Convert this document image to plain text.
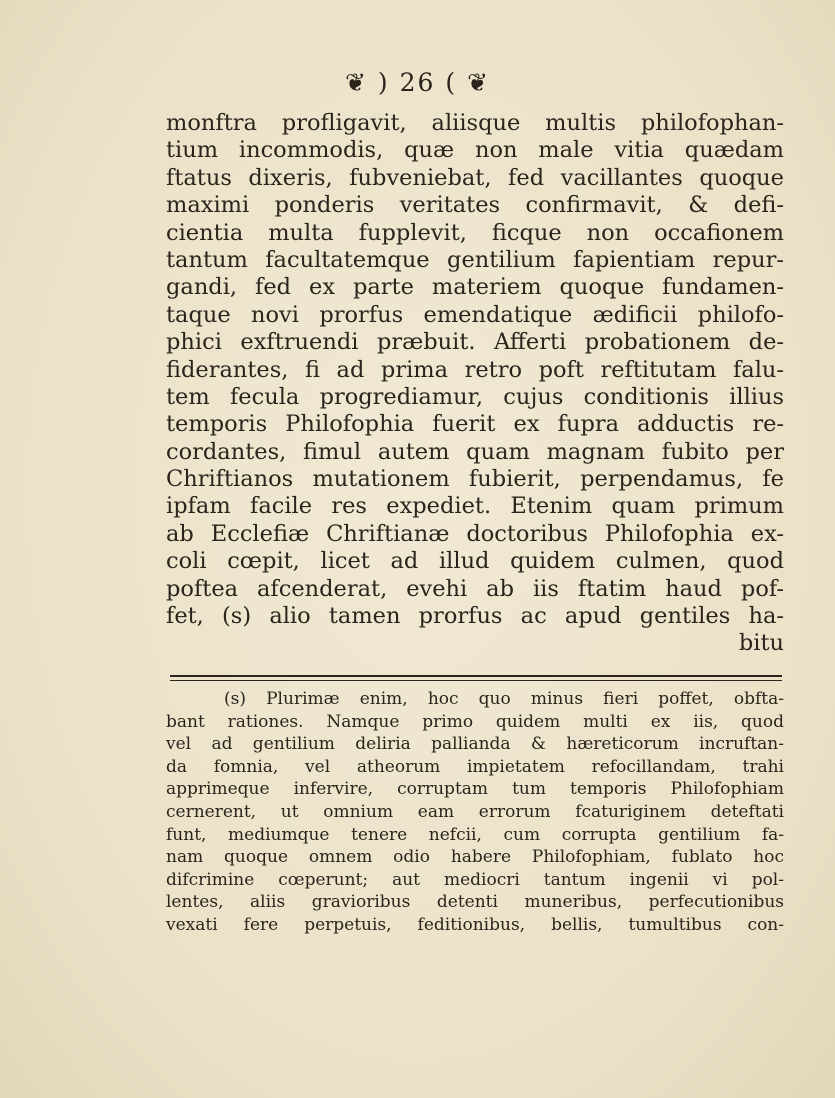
❦ ) 26 ( ❦
monftra profligavit, aliisque multis philofophan-
tium incommodis, quæ non male vitia quædam
ftatus dixeris, fubveniebat, fed vacillantes quoque
maximi ponderis veritates confirmavit, & defi-
cientia multa fupplevit, ficque non occafionem
tantum facultatemque gentilium fapientiam repur-
gandi, fed ex parte materiem quoque fundamen-
taque novi prorfus emendatique ædificii philofo-
phici exftruendi præbuit. Afferti probationem de-
fiderantes, fi ad prima retro poft reftitutam falu-
tem fecula progrediamur, cujus conditionis illius
temporis Philofophia fuerit ex fupra adductis re-
cordantes, fimul autem quam magnam fubito per
Chriftianos mutationem fubierit, perpendamus, fe
ipfam facile res expediet. Etenim quam primum
ab Ecclefiæ Chriftianæ doctoribus Philofophia ex-
coli cœpit, licet ad illud quidem culmen, quod
poftea afcenderat, evehi ab iis ftatim haud pof-
fet, (s) alio tamen prorfus ac apud gentiles ha-
bitu
(s) Plurimæ enim, hoc quo minus fieri poffet, obfta-
bant rationes. Namque primo quidem multi ex iis, quod
vel ad gentilium deliria pallianda & hæreticorum incruftan-
da fomnia, vel atheorum impietatem refocillandam, trahi
apprimeque infervire, corruptam tum temporis Philofophiam
cernerent, ut omnium eam errorum fcaturiginem deteftati
funt, mediumque tenere nefcii, cum corrupta gentilium fa-
nam quoque omnem odio habere Philofophiam, fublato hoc
difcrimine cœperunt; aut mediocri tantum ingenii vi pol-
lentes, aliis gravioribus detenti muneribus, perfecutionibus
vexati fere perpetuis, feditionibus, bellis, tumultibus con-
